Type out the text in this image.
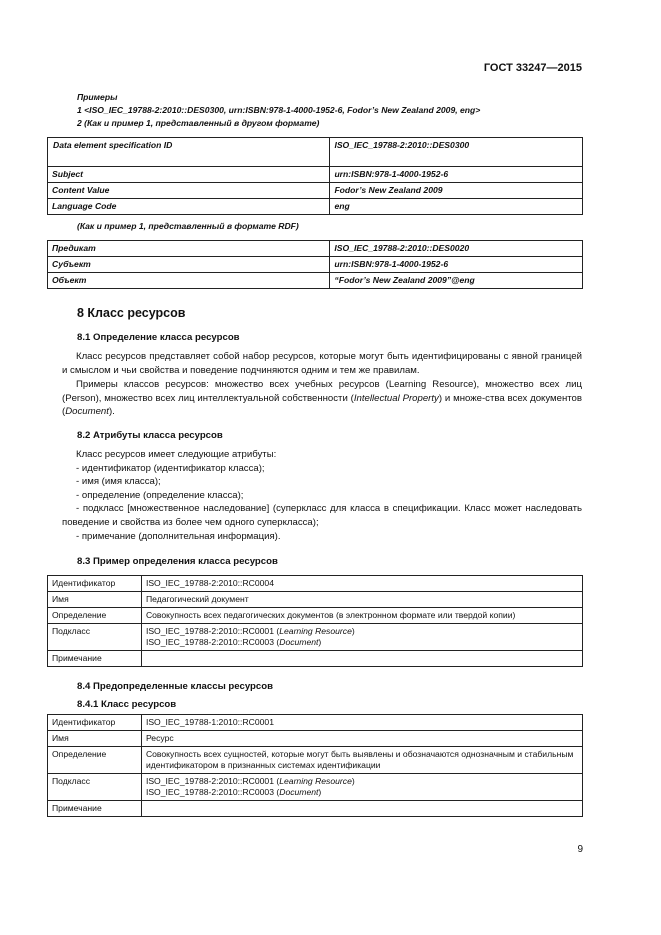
ГОСТ 33247—2015
Примеры
1 <ISO_IEC_19788-2:2010::DES0300, urn:ISBN:978-1-4000-1952-6, Fodor’s New Zealand 2009, eng>
2 (Как и пример 1, представленный в другом формате)
Data element specification ID	ISO_IEC_19788-2:2010::DES0300
Subject	urn:ISBN:978-1-4000-1952-6
Content Value	Fodor’s New Zealand 2009
Language Code	eng
(Как и пример 1, представленный в формате RDF)
Предикат	ISO_IEC_19788-2:2010::DES0020
Субъект	urn:ISBN:978-1-4000-1952-6
Объект	“Fodor’s New Zealand 2009”@eng
8 Класс ресурсов
8.1 Определение класса ресурсов
Класс ресурсов представляет собой набор ресурсов, которые могут быть идентифицированы с явной границей и смыслом и чьи свойства и поведение подчиняются одним и тем же правилам.
Примеры классов ресурсов: множество всех учебных ресурсов (Learning Resource), множество всех лиц (Person), множество всех лиц интеллектуальной собственности (Intellectual Property) и множе-ства всех документов (Document).
8.2 Атрибуты класса ресурсов
Класс ресурсов имеет следующие атрибуты:
- идентификатор (идентификатор класса);
- имя (имя класса);
- определение (определение класса);
- подкласс [множественное наследование] (суперкласс для класса в спецификации. Класс может наследовать поведение и свойства из более чем одного суперкласса);
- примечание (дополнительная информация).
8.3 Пример определения класса ресурсов
Идентификатор	ISO_IEC_19788-2:2010::RC0004
Имя	Педагогический документ
Определение	Совокупность всех педагогических документов (в электронном формате или твердой копии)
Подкласс	ISO_IEC_19788-2:2010::RC0001 (Learning Resource)
ISO_IEC_19788-2:2010::RC0003 (Document)

Примечание	
8.4 Предопределенные классы ресурсов
8.4.1 Класс ресурсов
Идентификатор	ISO_IEC_19788-1:2010::RC0001
Имя	Ресурс
Определение	Совокупность всех сущностей, которые могут быть выявлены и обозначаются однозначным и стабильным идентификатором в признанных системах идентификации
Подкласс	ISO_IEC_19788-2:2010::RC0001 (Learning Resource)
ISO_IEC_19788-2:2010::RC0003 (Document)

Примечание	
9
